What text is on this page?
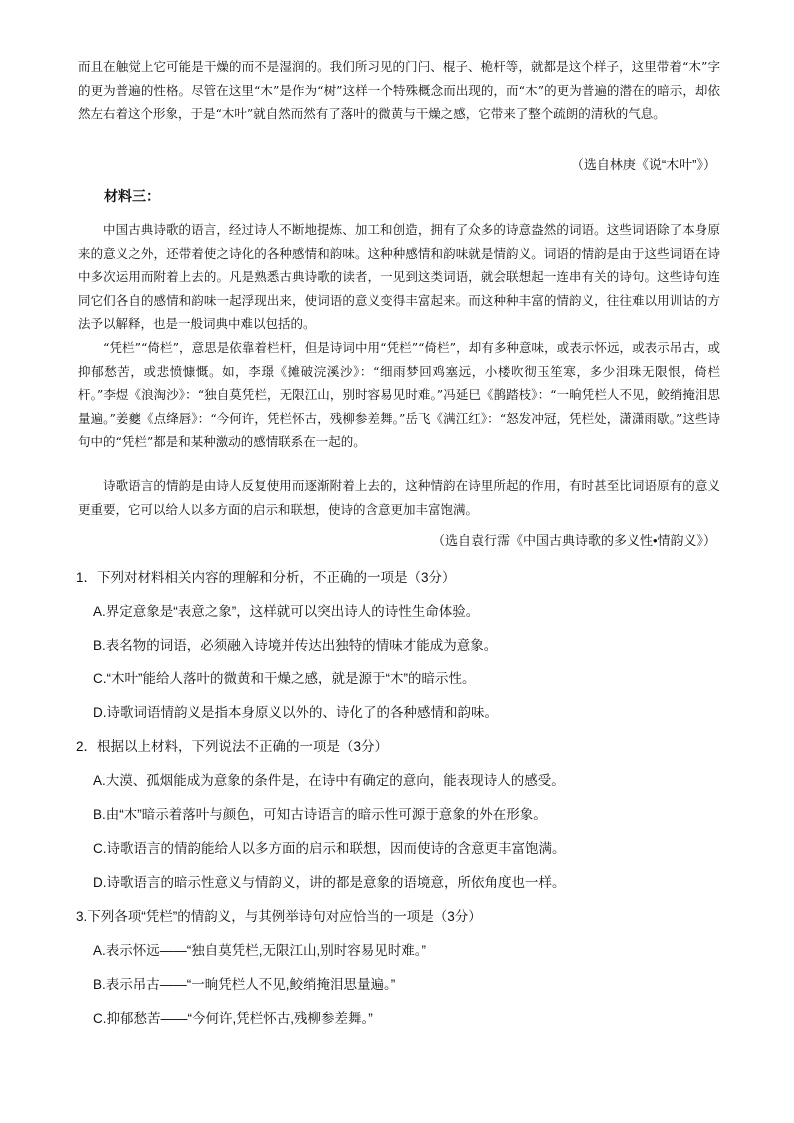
而且在触觉上它可能是干燥的而不是湿润的。我们所习见的门闩、棍子、桅杆等，就都是这个样子，这里带着“木”字的更为普遍的性格。尽管在这里“木”是作为“树”这样一个特殊概念而出现的，而“木”的更为普遍的潜在的暗示，却依然左右着这个形象，于是“木叶”就自然而然有了落叶的微黄与干燥之感，它带来了整个疏朗的清秋的气息。

（选自林庚《说“木叶”》）
材料三：

中国古典诗歌的语言，经过诗人不断地提炼、加工和创造，拥有了众多的诗意盎然的词语。这些词语除了本身原来的意义之外，还带着使之诗化的各种感情和韵味。这种种感情和韵味就是情韵义。词语的情韵是由于这些词语在诗中多次运用而附着上去的。凡是熟悉古典诗歌的读者，一见到这类词语，就会联想起一连串有关的诗句。这些诗句连同它们各自的感情和韵味一起浮现出来，使词语的意义变得丰富起来。而这种种丰富的情韵义，往往难以用训诂的方法予以解释，也是一般词典中难以包括的。

“凭栏”“倚栏”，意思是依靠着栏杆，但是诗词中用“凭栏”“倚栏”，却有多种意味，或表示怀远，或表示吊古，或抑郁愁苦，或悲愤慷慨。如，李璟《摊破浣溪沙》：“细雨梦回鸡塞远，小楼吹彻玉笙寒，多少泪珠无限恨，倚栏杆。”李煜《浪淘沙》：“独自莫凭栏，无限江山，别时容易见时难。”冯延巳《鹊踏枝》：“一晌凭栏人不见，鲛绡掩泪思量遍。”姜夔《点绛唇》：“今何许，凭栏怀古，残柳参差舞。”岳飞《满江红》：“怒发冲冠，凭栏处，潇潇雨歇。”这些诗句中的“凭栏”都是和某种激动的感情联系在一起的。

诗歌语言的情韵是由诗人反复使用而逐渐附着上去的，这种情韵在诗里所起的作用，有时甚至比词语原有的意义更重要，它可以给人以多方面的启示和联想，使诗的含意更加丰富饱满。

（选自袁行霈《中国古典诗歌的多义性•情韵义》）
1．下列对材料相关内容的理解和分析，不正确的一项是（3分）
A.界定意象是“表意之象”，这样就可以突出诗人的诗性生命体验。
B.表名物的词语，必须融入诗境并传达出独特的情味才能成为意象。
C.“木叶”能给人落叶的微黄和干燥之感，就是源于“木”的暗示性。
D.诗歌词语情韵义是指本身原义以外的、诗化了的各种感情和韵味。
2．根据以上材料，下列说法不正确的一项是（3分）
A.大漠、孤烟能成为意象的条件是，在诗中有确定的意向，能表现诗人的感受。
B.由“木”暗示着落叶与颜色，可知古诗语言的暗示性可源于意象的外在形象。
C.诗歌语言的情韵能给人以多方面的启示和联想，因而使诗的含意更丰富饱满。
D.诗歌语言的暗示性意义与情韵义，讲的都是意象的语境意，所依角度也一样。
3.下列各项“凭栏”的情韵义，与其例举诗句对应恰当的一项是（3分）
A.表示怀远——“独自莫凭栏,无限江山,别时容易见时难。”
B.表示吊古——“一晌凭栏人不见,鲛绡掩泪思量遍。”
C.抑郁愁苦——“今何许,凭栏怀古,残柳参差舞。”
